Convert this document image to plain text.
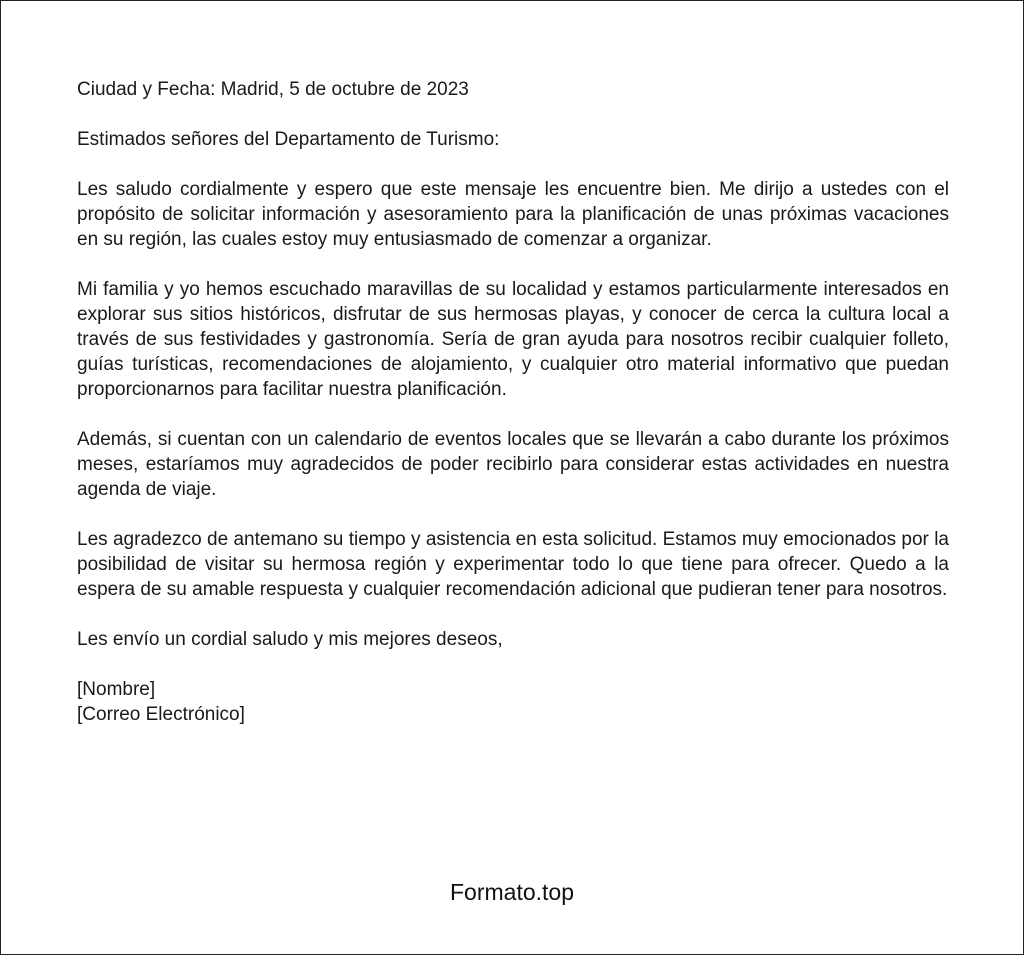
Ciudad y Fecha: Madrid, 5 de octubre de 2023

Estimados señores del Departamento de Turismo:

Les saludo cordialmente y espero que este mensaje les encuentre bien. Me dirijo a ustedes con el propósito de solicitar información y asesoramiento para la planificación de unas próximas vacaciones en su región, las cuales estoy muy entusiasmado de comenzar a organizar.

Mi familia y yo hemos escuchado maravillas de su localidad y estamos particularmente interesados en explorar sus sitios históricos, disfrutar de sus hermosas playas, y conocer de cerca la cultura local a través de sus festividades y gastronomía. Sería de gran ayuda para nosotros recibir cualquier folleto, guías turísticas, recomendaciones de alojamiento, y cualquier otro material informativo que puedan proporcionarnos para facilitar nuestra planificación.

Además, si cuentan con un calendario de eventos locales que se llevarán a cabo durante los próximos meses, estaríamos muy agradecidos de poder recibirlo para considerar estas actividades en nuestra agenda de viaje.

Les agradezco de antemano su tiempo y asistencia en esta solicitud. Estamos muy emocionados por la posibilidad de visitar su hermosa región y experimentar todo lo que tiene para ofrecer. Quedo a la espera de su amable respuesta y cualquier recomendación adicional que pudieran tener para nosotros.

Les envío un cordial saludo y mis mejores deseos,

[Nombre]
[Correo Electrónico]
Formato.top
